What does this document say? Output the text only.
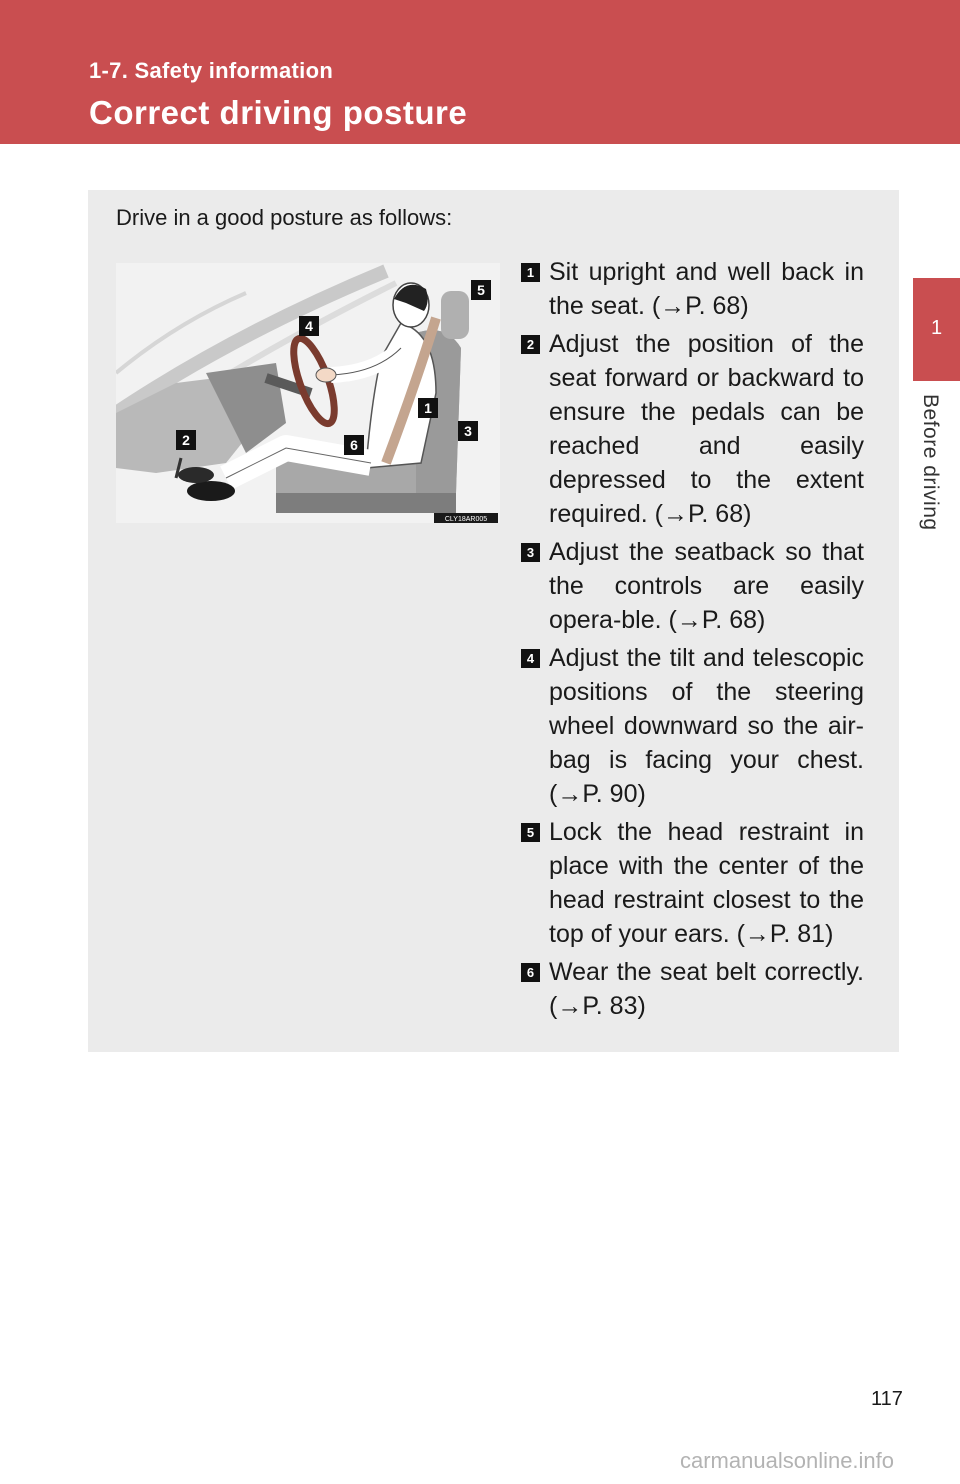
1-7. Safety information
Correct driving posture
1
Before driving
Drive in a good posture as follows:
5
4
1
3
2	6
CLY18AR005
1 Sit upright and well back in the seat. (→P. 68)
2 Adjust the position of the seat forward or backward to ensure the pedals can be reached and easily depressed to the extent required. (→P. 68)
3 Adjust the seatback so that the controls are easily opera-ble. (→P. 68)
4 Adjust the tilt and telescopic positions of the steering wheel downward so the air-bag is facing your chest. (→P. 90)
5 Lock the head restraint in place with the center of the head restraint closest to the top of your ears. (→P. 81)
6 Wear the seat belt correctly. (→P. 83)
117
carmanualsonline.info
